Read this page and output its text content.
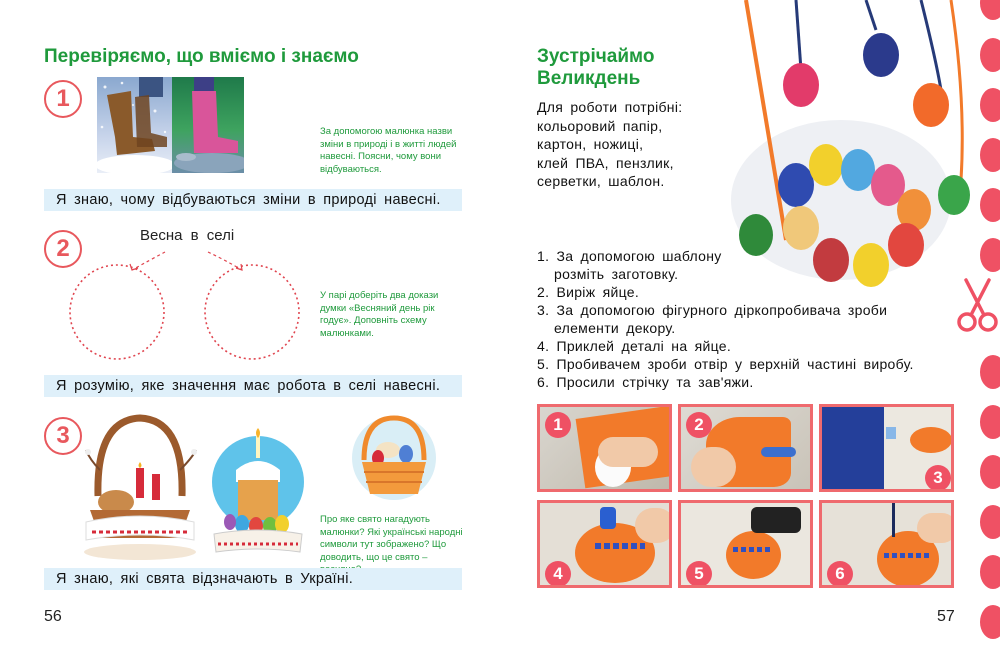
Перевіряємо, що вміємо і знаємо
1
За допомогою малюнка назви зміни в природі і в житті людей навесні. Поясни, чому вони відбуваються.
Я знаю, чому відбуваються зміни в природі навесні.
2	Весна в селі
У парі доберіть два докази думки «Весняний день рік годує». Доповніть схему малюнками.
Я розумію, яке значення має робота в селі навесні.
3
Про яке свято нагадують малюнки? Які українські народні символи тут зображено? Що доводить, що це свято –
Я знаю, які свята відзначають в Україні.
56
Зустрічаймо
Великдень
Для роботи потрібні:
кольоровий папір,
картон, ножиці,
клей ПВА, пензлик,
серветки, шаблон.
1. За допомогою шаблону
розміть заготовку.
2. Виріж яйце.
3. За допомогою фігурного діркопробивача зроби
елементи декору.
4. Приклей деталі на яйце.
5. Пробивачем зроби отвір у верхній частині виробу.
6. Просили стрічку та зав'яжи.
1	2
3
4	5	6
57
